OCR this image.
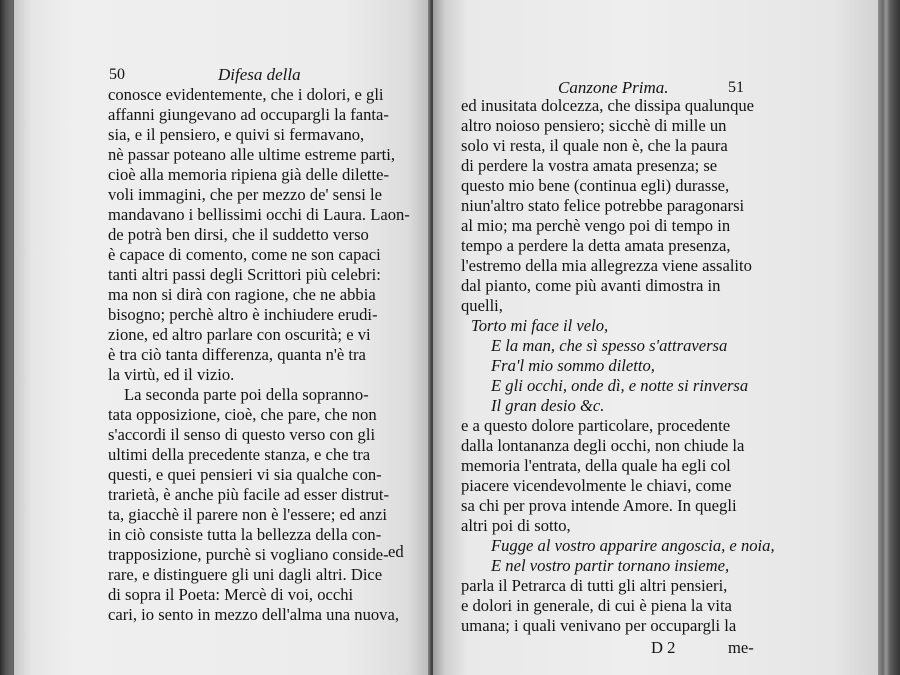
50	Difesa della
conosce evidentemente, che i dolori, e gli
affanni giungevano ad occupargli la fanta-
sia, e il pensiero, e quivi si fermavano,
nè passar poteano alle ultime estreme parti,
cioè alla memoria ripiena già delle dilette-
voli immagini, che per mezzo de' sensi le
mandavano i bellissimi occhi di Laura. Laon-
de potrà ben dirsi, che il suddetto verso
è capace di comento, come ne son capaci
tanti altri passi degli Scrittori più celebri:
ma non si dirà con ragione, che ne abbia
bisogno; perchè altro è inchiudere erudi-
zione, ed altro parlare con oscurità; e vi
è tra ciò tanta differenza, quanta n'è tra
la virtù, ed il vizio.
La seconda parte poi della soprannο-
tata opposizione, cioè, che pare, che non
s'accordi il senso di questo verso con gli
ultimi della precedente stanza, e che tra
questi, e quei pensieri vi sia qualche con-
trarietà, è anche più facile ad esser distrut-
ta, giacchè il parere non è l'essere; ed anzi
in ciò consiste tutta la bellezza della con-
trapposizione, purchè si vogliano conside-
rare, e distinguere gli uni dagli altri. Dice
di sopra il Poeta: Mercè di voi, occhi
cari, io sento in mezzo dell'alma una nuova,
ed
Canzone Prima.	51
ed inusitata dolcezza, che dissipa qualunque
altro noioso pensiero; sicchè di mille un
solo vi resta, il quale non è, che la paura
di perdere la vostra amata presenza; se
questo mio bene (continua egli) durasse,
niun'altro stato felice potrebbe paragonarsi
al mio; ma perchè vengo poi di tempo in
tempo a perdere la detta amata presenza,
l'estremo della mia allegrezza viene assalito
dal pianto, come più avanti dimostra in
quelli,
Torto mi face il velo,
E la man, che sì spesso s'attraversa
Fra'l mio sommo diletto,
E gli occhi, onde dì, e notte si rinversa
Il gran desio &c.
e a questo dolore particolare, procedente
dalla lontananza degli occhi, non chiude la
memoria l'entrata, della quale ha egli col
piacere vicendevolmente le chiavi, come
sa chi per prova intende Amore. In quegli
altri poi di sotto,
Fugge al vostro apparire angoscia, e noia,
E nel vostro partir tornano insieme,
parla il Petrarca di tutti gli altri pensieri,
e dolori in generale, di cui è piena la vita
umana; i quali venivano per occupargli la
D 2	me-
